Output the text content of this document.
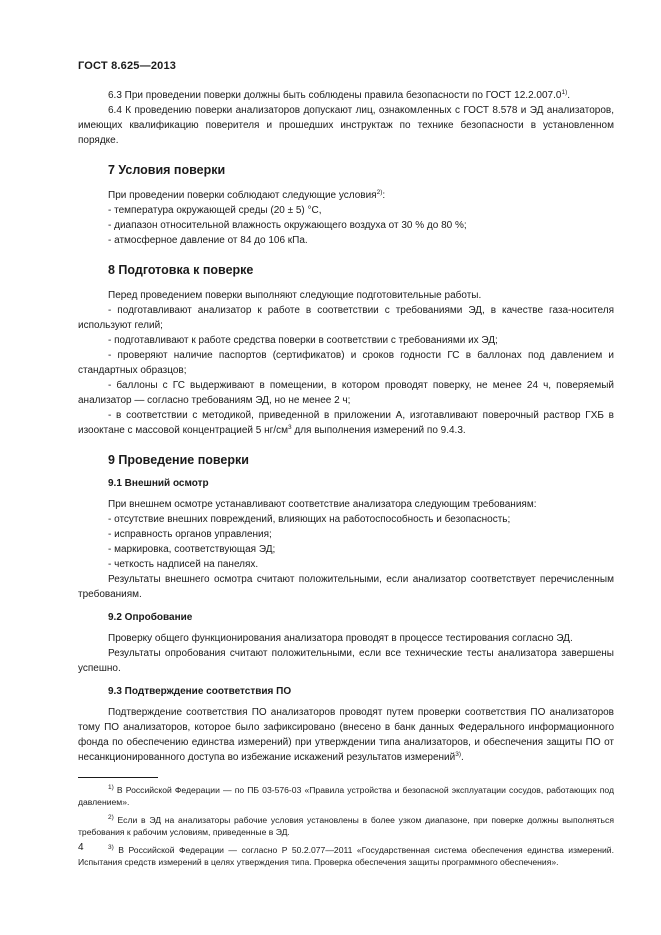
ГОСТ 8.625—2013

6.3 При проведении поверки должны быть соблюдены правила безопасности по ГОСТ 12.2.007.0$^{1)}$.

6.4 К проведению поверки анализаторов допускают лиц, ознакомленных с ГОСТ 8.578 и ЭД анализаторов, имеющих квалификацию поверителя и прошедших инструктаж по технике безопасности в установленном порядке.

7 Условия поверки

При проведении поверки соблюдают следующие условия$^{2)}$:

- температура окружающей среды (20 ± 5) °С,

- диапазон относительной влажность окружающего воздуха от 30 % до 80 %;

- атмосферное давление от 84 до 106 кПа.

8 Подготовка к поверке

Перед проведением поверки выполняют следующие подготовительные работы.

- подготавливают анализатор к работе в соответствии с требованиями ЭД, в качестве газа-носителя используют гелий;

- подготавливают к работе средства поверки в соответствии с требованиями их ЭД;

- проверяют наличие паспортов (сертификатов) и сроков годности ГС в баллонах под давлением и стандартных образцов;

- баллоны с ГС выдерживают в помещении, в котором проводят поверку, не менее 24 ч, поверяемый анализатор — согласно требованиям ЭД, но не менее 2 ч;

- в соответствии с методикой, приведенной в приложении А, изготавливают поверочный раствор ГХБ в изооктане с массовой концентрацией 5 $нг/см^3$ для выполнения измерений по 9.4.3.

9 Проведение поверки

9.1 Внешний осмотр

При внешнем осмотре устанавливают соответствие анализатора следующим требованиям:

- отсутствие внешних повреждений, влияющих на работоспособность и безопасность;

- исправность органов управления;

- маркировка, соответствующая ЭД;

- четкость надписей на панелях.

Результаты внешнего осмотра считают положительными, если анализатор соответствует перечисленным требованиям.

9.2 Опробование

Проверку общего функционирования анализатора проводят в процессе тестирования согласно ЭД.

Результаты опробования считают положительными, если все технические тесты анализатора завершены успешно.

9.3 Подтверждение соответствия ПО

Подтверждение соответствия ПО анализаторов проводят путем проверки соответствия ПО анализаторов тому ПО анализаторов, которое было зафиксировано (внесено в банк данных Федерального информационного фонда по обеспечению единства измерений) при утверждении типа анализаторов, и обеспечения защиты ПО от несанкционированного доступа во избежание искажений результатов измерений$^{3)}$.

$^{1)}$ В Российской Федерации — по ПБ 03-576-03 «Правила устройства и безопасной эксплуатации сосудов, работающих под давлением».

$^{2)}$ Если в ЭД на анализаторы рабочие условия установлены в более узком диапазоне, при поверке должны выполняться требования к рабочим условиям, приведенные в ЭД.

$^{3)}$ В Российской Федерации — согласно Р 50.2.077—2011 «Государственная система обеспечения единства измерений. Испытания средств измерений в целях утверждения типа. Проверка обеспечения защиты программного обеспечения».

4
